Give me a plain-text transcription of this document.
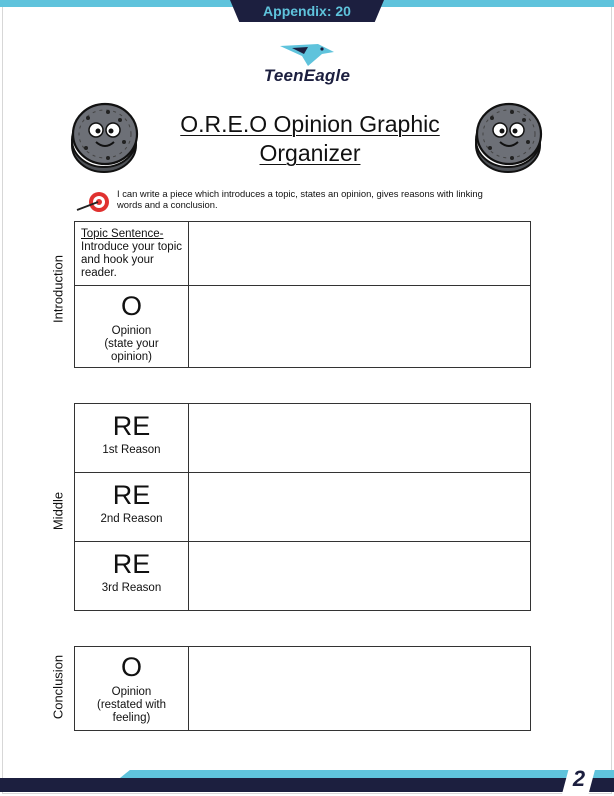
Appendix: 20
TeenEagle
O.R.E.O Opinion Graphic
Organizer
I can write a piece which introduces a topic, states an opinion, gives reasons with linking words and a conclusion.
Introduction
Middle
Conclusion
Topic Sentence-
Introduce your topic and hook your reader.
O
Opinion
(state your
opinion)
RE
1st Reason
RE
2nd Reason
RE
3rd Reason
O
Opinion
(restated with
feeling)
2
